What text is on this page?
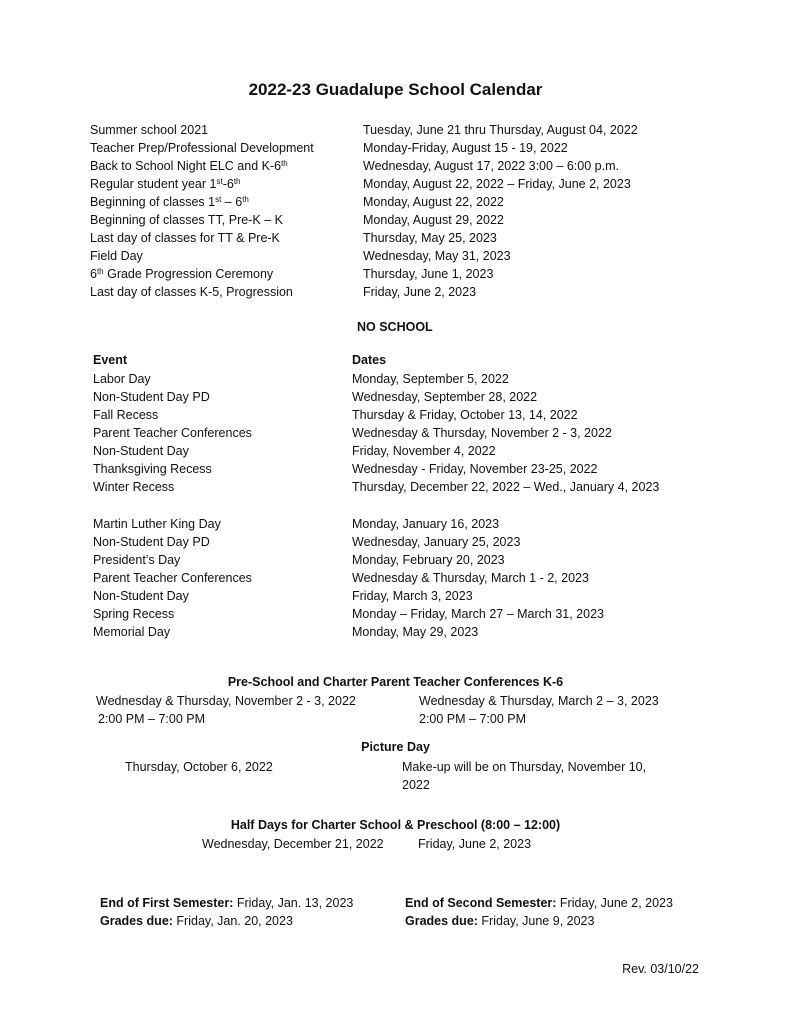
2022-23 Guadalupe School Calendar
Summer school 2021	Tuesday, June 21 thru Thursday, August 04, 2022
Teacher Prep/Professional Development	Monday-Friday, August 15 - 19, 2022
Back to School Night ELC and K-6th	Wednesday, August 17, 2022 3:00 – 6:00 p.m.
Regular student year 1st-6th	Monday, August 22, 2022 – Friday, June 2, 2023
Beginning of classes 1st – 6th	Monday, August 22, 2022
Beginning of classes TT, Pre-K – K	Monday, August 29, 2022
Last day of classes for TT & Pre-K	Thursday, May 25, 2023
Field Day	Wednesday, May 31, 2023
6th Grade Progression Ceremony	Thursday, June 1, 2023
Last day of classes K-5, Progression	Friday, June 2, 2023
NO SCHOOL
Event	Dates
Labor Day	Monday, September 5, 2022
Non-Student Day PD	Wednesday, September 28, 2022
Fall Recess	Thursday & Friday, October 13, 14, 2022
Parent Teacher Conferences	Wednesday & Thursday, November 2 - 3, 2022
Non-Student Day	Friday, November 4, 2022
Thanksgiving Recess	Wednesday - Friday, November 23-25, 2022
Winter Recess	Thursday, December 22, 2022 – Wed., January 4, 2023
Martin Luther King Day	Monday, January 16, 2023
Non-Student Day PD	Wednesday, January 25, 2023
President’s Day	Monday, February 20, 2023
Parent Teacher Conferences	Wednesday & Thursday, March 1 - 2, 2023
Non-Student Day	Friday, March 3, 2023
Spring Recess	Monday – Friday, March 27 – March 31, 2023
Memorial Day	Monday, May 29, 2023
Pre-School and Charter Parent Teacher Conferences K-6
Wednesday & Thursday, November 2 - 3, 2022
2:00 PM – 7:00 PM
Wednesday & Thursday, March 2 – 3, 2023
2:00 PM – 7:00 PM
Picture Day
Thursday, October 6, 2022	Make-up will be on Thursday, November 10,
2022
Half Days for Charter School & Preschool (8:00 – 12:00)
Wednesday, December 21, 2022	Friday, June 2, 2023
End of First Semester: Friday, Jan. 13, 2023
Grades due: Friday, Jan. 20, 2023
End of Second Semester: Friday, June 2, 2023
Grades due: Friday, June 9, 2023
Rev. 03/10/22
